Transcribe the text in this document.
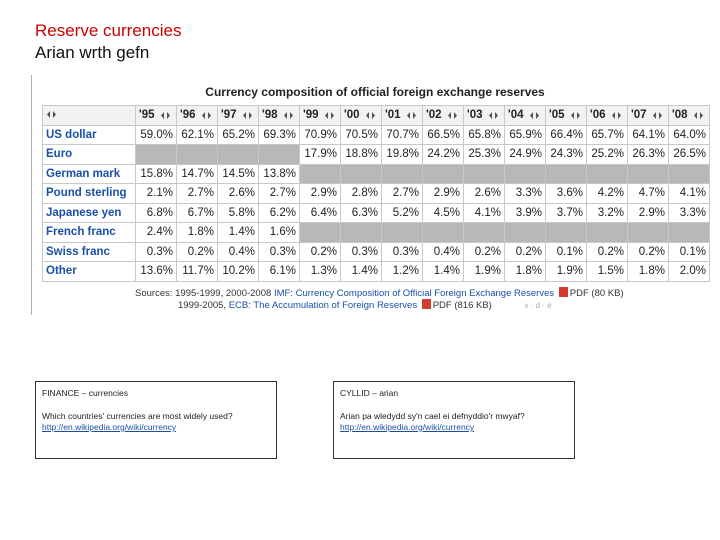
Reserve currencies
Arian wrth gefn
Currency composition of official foreign exchange reserves

'95	'96	'97	'98	'99	'00	'01	'02	'03	'04	'05	'06	'07	'08

US dollar	59.0%	62.1%	65.2%	69.3%	70.9%	70.5%	70.7%	66.5%	65.8%	65.9%	66.4%	65.7%	64.1%	64.0%
Euro					17.9%	18.8%	19.8%	24.2%	25.3%	24.9%	24.3%	25.2%	26.3%	26.5%
German mark	15.8%	14.7%	14.5%	13.8%										
Pound sterling	2.1%	2.7%	2.6%	2.7%	2.9%	2.8%	2.7%	2.9%	2.6%	3.3%	3.6%	4.2%	4.7%	4.1%
Japanese yen	6.8%	6.7%	5.8%	6.2%	6.4%	6.3%	5.2%	4.5%	4.1%	3.9%	3.7%	3.2%	2.9%	3.3%
French franc	2.4%	1.8%	1.4%	1.6%										
Swiss franc	0.3%	0.2%	0.4%	0.3%	0.2%	0.3%	0.3%	0.4%	0.2%	0.2%	0.1%	0.2%	0.2%	0.1%
Other	13.6%	11.7%	10.2%	6.1%	1.3%	1.4%	1.2%	1.4%	1.9%	1.8%	1.9%	1.5%	1.8%	2.0%
Sources: 1995-1999, 2000-2008 IMF: Currency Composition of Official Foreign Exchange Reserves PDF (80 KB)
1999-2005, ECB: The Accumulation of Foreign Reserves PDF (816 KB)	v · d · e

FINANCE – currencies

Which countries' currencies are most widely used? http://en.wikipedia.org/wiki/currency

CYLLID – arian

Arian pa wledydd sy'n cael ei defnyddio'r mwyaf?
http://en.wikipedia.org/wiki/currency
